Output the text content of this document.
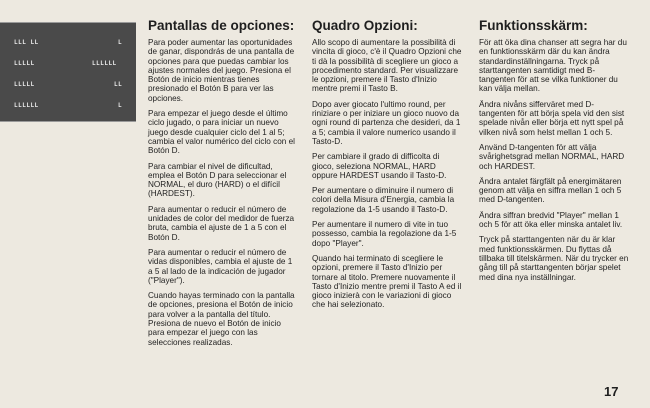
LLL LL	L
LLLLL	LLLLLL
LLLLL	LL
LLLLLL	L
Pantallas de opciones:

Para poder aumentar las oportunidades de ganar, dispondrás de una pantalla de opciones para que puedas cambiar los ajustes normales del juego. Presiona el Botón de inicio mientras tienes presionado el Botón B para ver las opciones.

Para empezar el juego desde el último ciclo jugado, o para iniciar un nuevo juego desde cualquier ciclo del 1 al 5; cambia el valor numérico del ciclo con el Botón D.

Para cambiar el nivel de dificultad, emplea el Botón D para seleccionar el NORMAL, el duro (HARD) o el difícil (HARDEST).

Para aumentar o reducir el número de unidades de color del medidor de fuerza bruta, cambia el ajuste de 1 a 5 con el Botón D.

Para aumentar o reducir el número de vidas disponibles, cambia el ajuste de 1 a 5 al lado de la indicación de jugador ("Player").

Cuando hayas terminado con la pantalla de opciones, presiona el Botón de inicio para volver a la pantalla del título. Presiona de nuevo el Botón de inicio para empezar el juego con las selecciones realizadas.

Quadro Opzioni:

Allo scopo di aumentare la possibilità di vincita di gioco, c'è il Quadro Opzioni che ti dà la possibilità di scegliere un gioco a procedimento standard. Per visualizzare le opzioni, premere il Tasto d'Inizio mentre premi il Tasto B.

Dopo aver giocato l'ultimo round, per riniziare o per iniziare un gioco nuovo da ogni round di partenza che desideri, da 1 a 5; cambia il valore numerico usando il Tasto-D.

Per cambiare il grado di difficolta di gioco, seleziona NORMAL, HARD oppure HARDEST usando il Tasto-D.

Per aumentare o diminuire il numero di colori della Misura d'Energia, cambia la regolazione da 1-5 usando il Tasto-D.

Per aumentare il numero di vite in tuo possesso, cambia la regolazione da 1-5 dopo "Player".

Quando hai terminato di scegliere le opzioni, premere il Tasto d'Inizio per tornare al titolo. Premere nuovamente il Tasto d'Inizio mentre premi il Tasto A ed il gioco inizierà con le variazioni di gioco che hai selezionato.

Funktionsskärm:

För att öka dina chanser att segra har du en funktionsskärm där du kan ändra standardinställningarna. Tryck på starttangenten samtidigt med B-tangenten för att se vilka funktioner du kan välja mellan.

Ändra nivåns sifferväret med D-tangenten för att börja spela vid den sist spelade nivån eller börja ett nytt spel på vilken nivå som helst mellan 1 och 5.

Använd D-tangenten för att välja svårighetsgrad mellan NORMAL, HARD och HARDEST.

Ändra antalet färgfält på energimätaren genom att välja en siffra mellan 1 och 5 med D-tangenten.

Ändra siffran bredvid "Player" mellan 1 och 5 för att öka eller minska antalet liv.

Tryck på starttangenten när du är klar med funktionsskärmen. Du flyttas då tillbaka till titelskärmen. När du trycker en gång till på starttangenten börjar spelet med dina nya inställningar.

17
